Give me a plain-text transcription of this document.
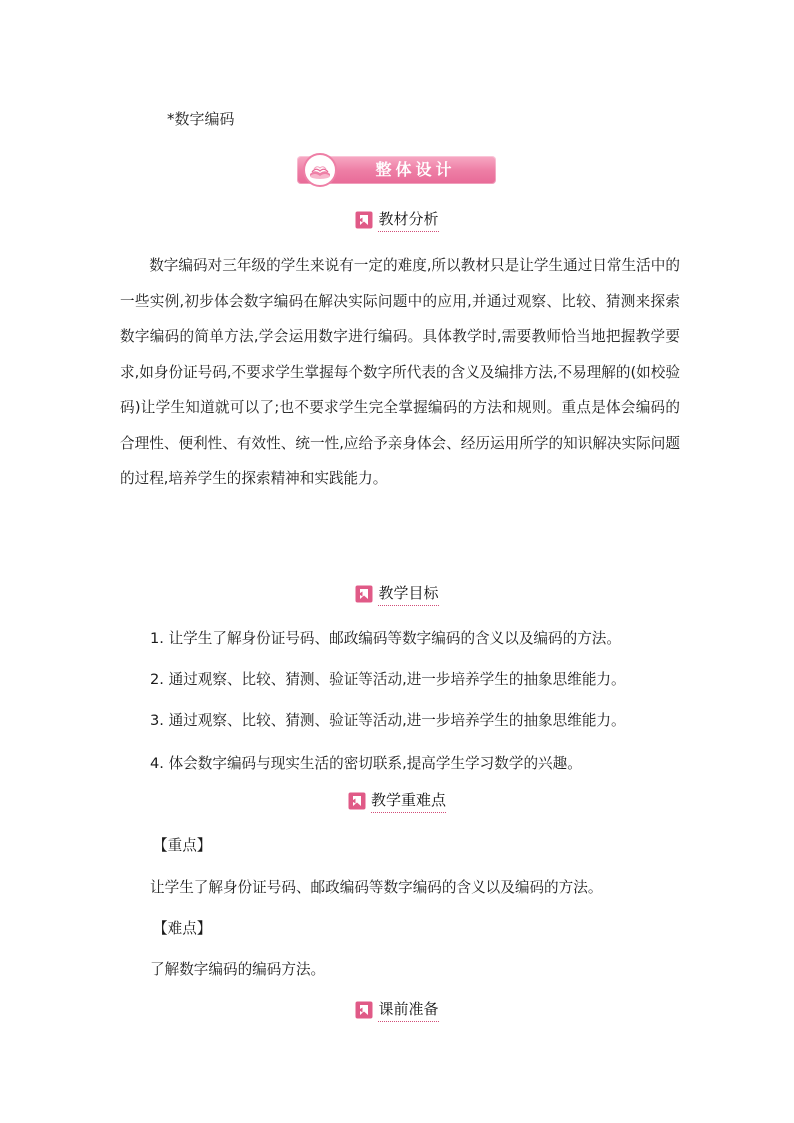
*数字编码
整体设计
教材分析

数字编码对三年级的学生来说有一定的难度,所以教材只是让学生通过日常生活中的一些实例,初步体会数字编码在解决实际问题中的应用,并通过观察、比较、猜测来探索数字编码的简单方法,学会运用数字进行编码。具体教学时,需要教师恰当地把握教学要求,如身份证号码,不要求学生掌握每个数字所代表的含义及编排方法,不易理解的(如校验码)让学生知道就可以了;也不要求学生完全掌握编码的方法和规则。重点是体会编码的合理性、便利性、有效性、统一性,应给予亲身体会、经历运用所学的知识解决实际问题的过程,培养学生的探索精神和实践能力。

教学目标
1. 让学生了解身份证号码、邮政编码等数字编码的含义以及编码的方法。
2. 通过观察、比较、猜测、验证等活动,进一步培养学生的抽象思维能力。
3. 通过观察、比较、猜测、验证等活动,进一步培养学生的抽象思维能力。
4. 体会数字编码与现实生活的密切联系,提高学生学习数学的兴趣。
教学重难点
【重点】
让学生了解身份证号码、邮政编码等数字编码的含义以及编码的方法。
【难点】
了解数字编码的编码方法。
课前准备
